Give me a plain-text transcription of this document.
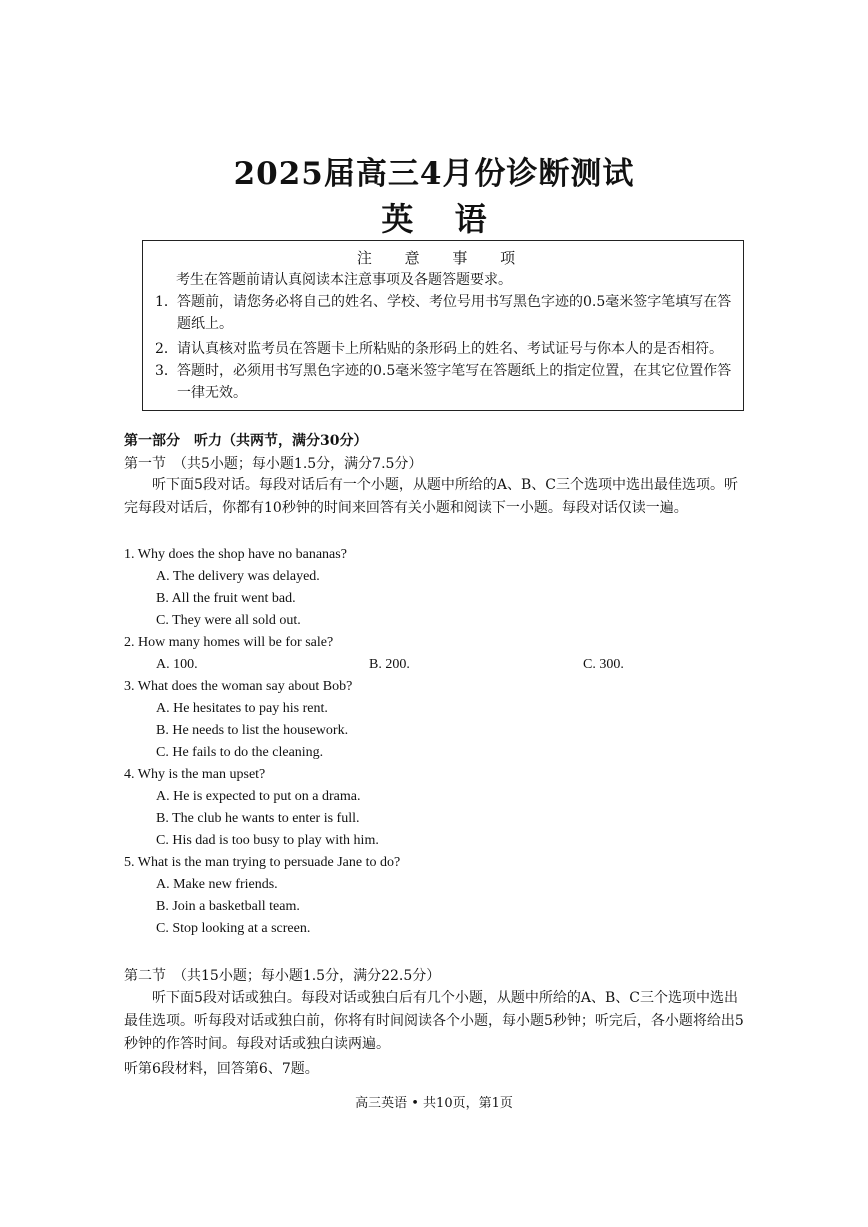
2025届高三4月份诊断测试
英 语
注 意 事 项
考生在答题前请认真阅读本注意事项及各题答题要求。
1． 答题前，请您务必将自己的姓名、学校、考位号用书写黑色字迹的0.5毫米签字笔填写在答题纸上。
2． 请认真核对监考员在答题卡上所粘贴的条形码上的姓名、考试证号与你本人的是否相符。
3． 答题时，必须用书写黑色字迹的0.5毫米签字笔写在答题纸上的指定位置，在其它位置作答一律无效。
第一部分　听力（共两节，满分30分）
第一节　（共5小题；每小题1.5分，满分7.5分）
听下面5段对话。每段对话后有一个小题，从题中所给的A、B、C三个选项中选出最佳选项。听完每段对话后，你都有10秒钟的时间来回答有关小题和阅读下一小题。每段对话仅读一遍。
1. Why does the shop have no bananas?
A. The delivery was delayed.
B. All the fruit went bad.
C. They were all sold out.
2. How many homes will be for sale?
A. 100.	B. 200.	C. 300.
3. What does the woman say about Bob?
A. He hesitates to pay his rent.
B. He needs to list the housework.
C. He fails to do the cleaning.
4. Why is the man upset?
A. He is expected to put on a drama.
B. The club he wants to enter is full.
C. His dad is too busy to play with him.
5. What is the man trying to persuade Jane to do?
A. Make new friends.
B. Join a basketball team.
C. Stop looking at a screen.
第二节　（共15小题；每小题1.5分，满分22.5分）
听下面5段对话或独白。每段对话或独白后有几个小题，从题中所给的A、B、C三个选项中选出最佳选项。听每段对话或独白前，你将有时间阅读各个小题，每小题5秒钟；听完后，各小题将给出5秒钟的作答时间。每段对话或独白读两遍。
听第6段材料，回答第6、7题。
高三英语 • 共10页，第1页
